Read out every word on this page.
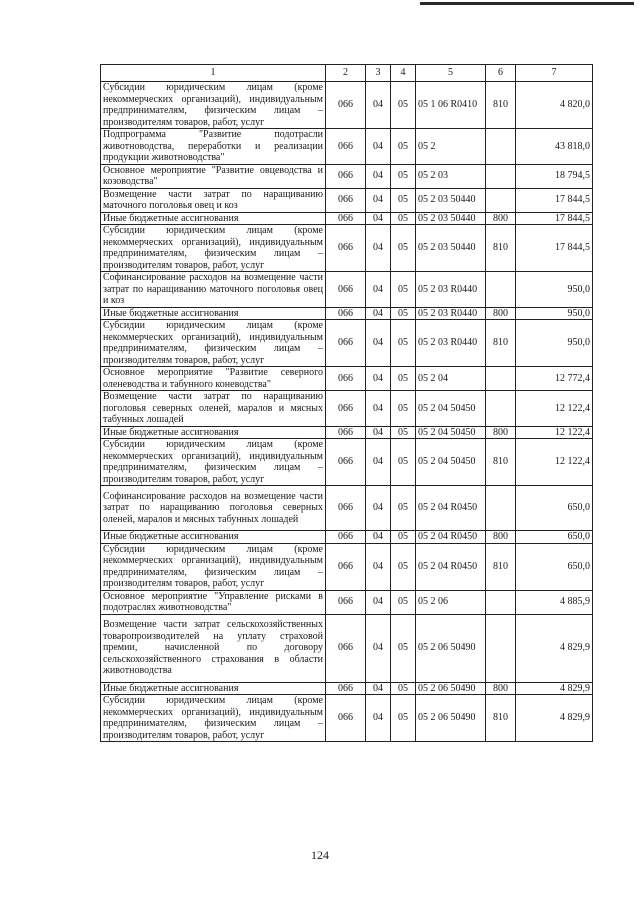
1	2	3	4	5	6	7
Субсидии юридическим лицам (кроме некоммерческих организаций), индивидуальным предпринимателям, физическим лицам – производителям товаров, работ, услуг	066	04	05	05 1 06 R0410	810	4 820,0
Подпрограмма "Развитие подотрасли животноводства, переработки и реализации продукции животноводства"	066	04	05	05 2		43 818,0
Основное мероприятие "Развитие овцеводства и козоводства"	066	04	05	05 2 03		18 794,5
Возмещение части затрат по наращиванию маточного поголовья овец и коз	066	04	05	05 2 03 50440		17 844,5
Иные бюджетные ассигнования	066	04	05	05 2 03 50440	800	17 844,5
Субсидии юридическим лицам (кроме некоммерческих организаций), индивидуальным предпринимателям, физическим лицам – производителям товаров, работ, услуг	066	04	05	05 2 03 50440	810	17 844,5
Софинансирование расходов на возмещение части затрат по наращиванию маточного поголовья овец и коз	066	04	05	05 2 03 R0440		950,0
Иные бюджетные ассигнования	066	04	05	05 2 03 R0440	800	950,0
Субсидии юридическим лицам (кроме некоммерческих организаций), индивидуальным предпринимателям, физическим лицам – производителям товаров, работ, услуг	066	04	05	05 2 03 R0440	810	950,0
Основное мероприятие "Развитие северного оленеводства и табунного коневодства"	066	04	05	05 2 04		12 772,4
Возмещение части затрат по наращиванию поголовья северных оленей, маралов и мясных табунных лошадей	066	04	05	05 2 04 50450		12 122,4
Иные бюджетные ассигнования	066	04	05	05 2 04 50450	800	12 122,4
Субсидии юридическим лицам (кроме некоммерческих организаций), индивидуальным предпринимателям, физическим лицам – производителям товаров, работ, услуг	066	04	05	05 2 04 50450	810	12 122,4
Софинансирование расходов на возмещение части затрат по наращиванию поголовья северных оленей, маралов и мясных табунных лошадей	066	04	05	05 2 04 R0450		650,0
Иные бюджетные ассигнования	066	04	05	05 2 04 R0450	800	650,0
Субсидии юридическим лицам (кроме некоммерческих организаций), индивидуальным предпринимателям, физическим лицам – производителям товаров, работ, услуг	066	04	05	05 2 04 R0450	810	650,0
Основное мероприятие "Управление рисками в подотраслях животноводства"	066	04	05	05 2 06		4 885,9
Возмещение части затрат сельскохозяйственных товаропроизводителей на уплату страховой премии, начисленной по договору сельскохозяйственного страхования в области животноводства	066	04	05	05 2 06 50490		4 829,9
Иные бюджетные ассигнования	066	04	05	05 2 06 50490	800	4 829,9
Субсидии юридическим лицам (кроме некоммерческих организаций), индивидуальным предпринимателям, физическим лицам – производителям товаров, работ, услуг	066	04	05	05 2 06 50490	810	4 829,9
124
